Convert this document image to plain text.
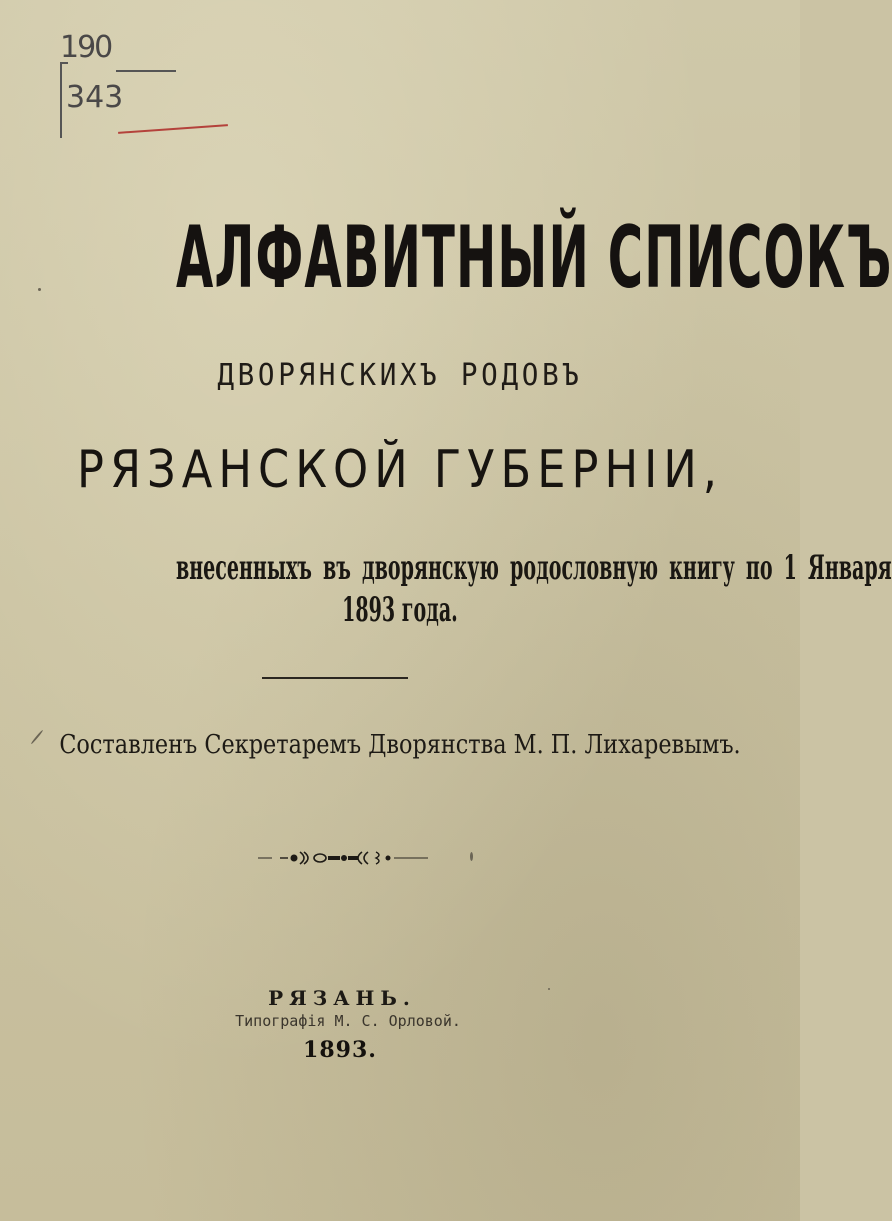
190
343
АЛФАВИТНЫЙ СПИСОКЪ
ДВОРЯНСКИХЪ РОДОВЪ
РЯЗАНСКОЙ ГУБЕРНІИ,
внесенныхъ въ дворянскую родословную книгу по 1 Января
1893 года.
Составленъ Секретаремъ Дворянства М. П. Лихаревымъ.
РЯЗАНЬ.
Типографія М. С. Орловой.
1893.
